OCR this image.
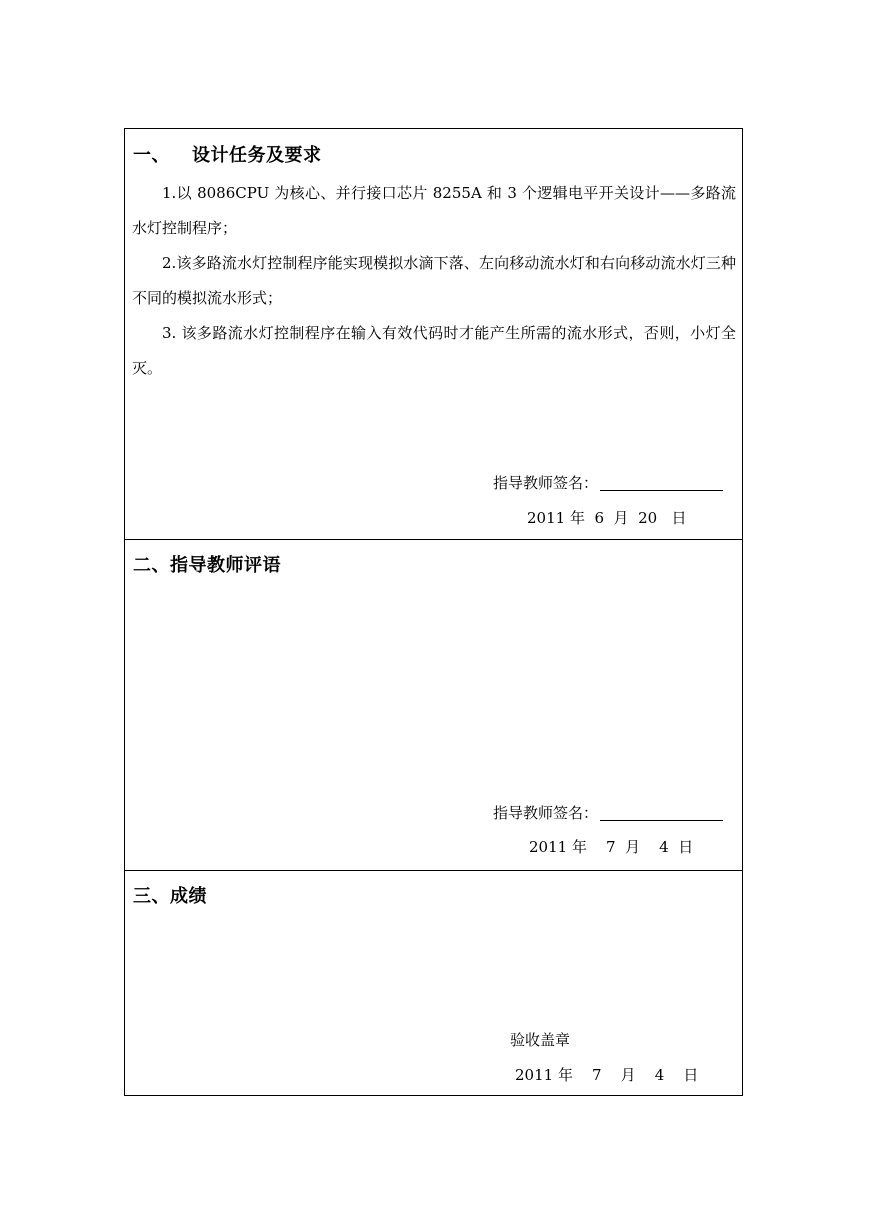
一、 设计任务及要求

1.以 8086CPU 为核心、并行接口芯片 8255A 和 3 个逻辑电平开关设计——多路流水灯控制程序；

2.该多路流水灯控制程序能实现模拟水滴下落、左向移动流水灯和右向移动流水灯三种不同的模拟流水形式；

3. 该多路流水灯控制程序在输入有效代码时才能产生所需的流水形式，否则，小灯全灭。

指导教师签名：
2011 年  6  月  20   日
二、指导教师评语
指导教师签名：
2011 年    7  月    4  日
三、成绩
验收盖章
2011 年    7    月    4    日
